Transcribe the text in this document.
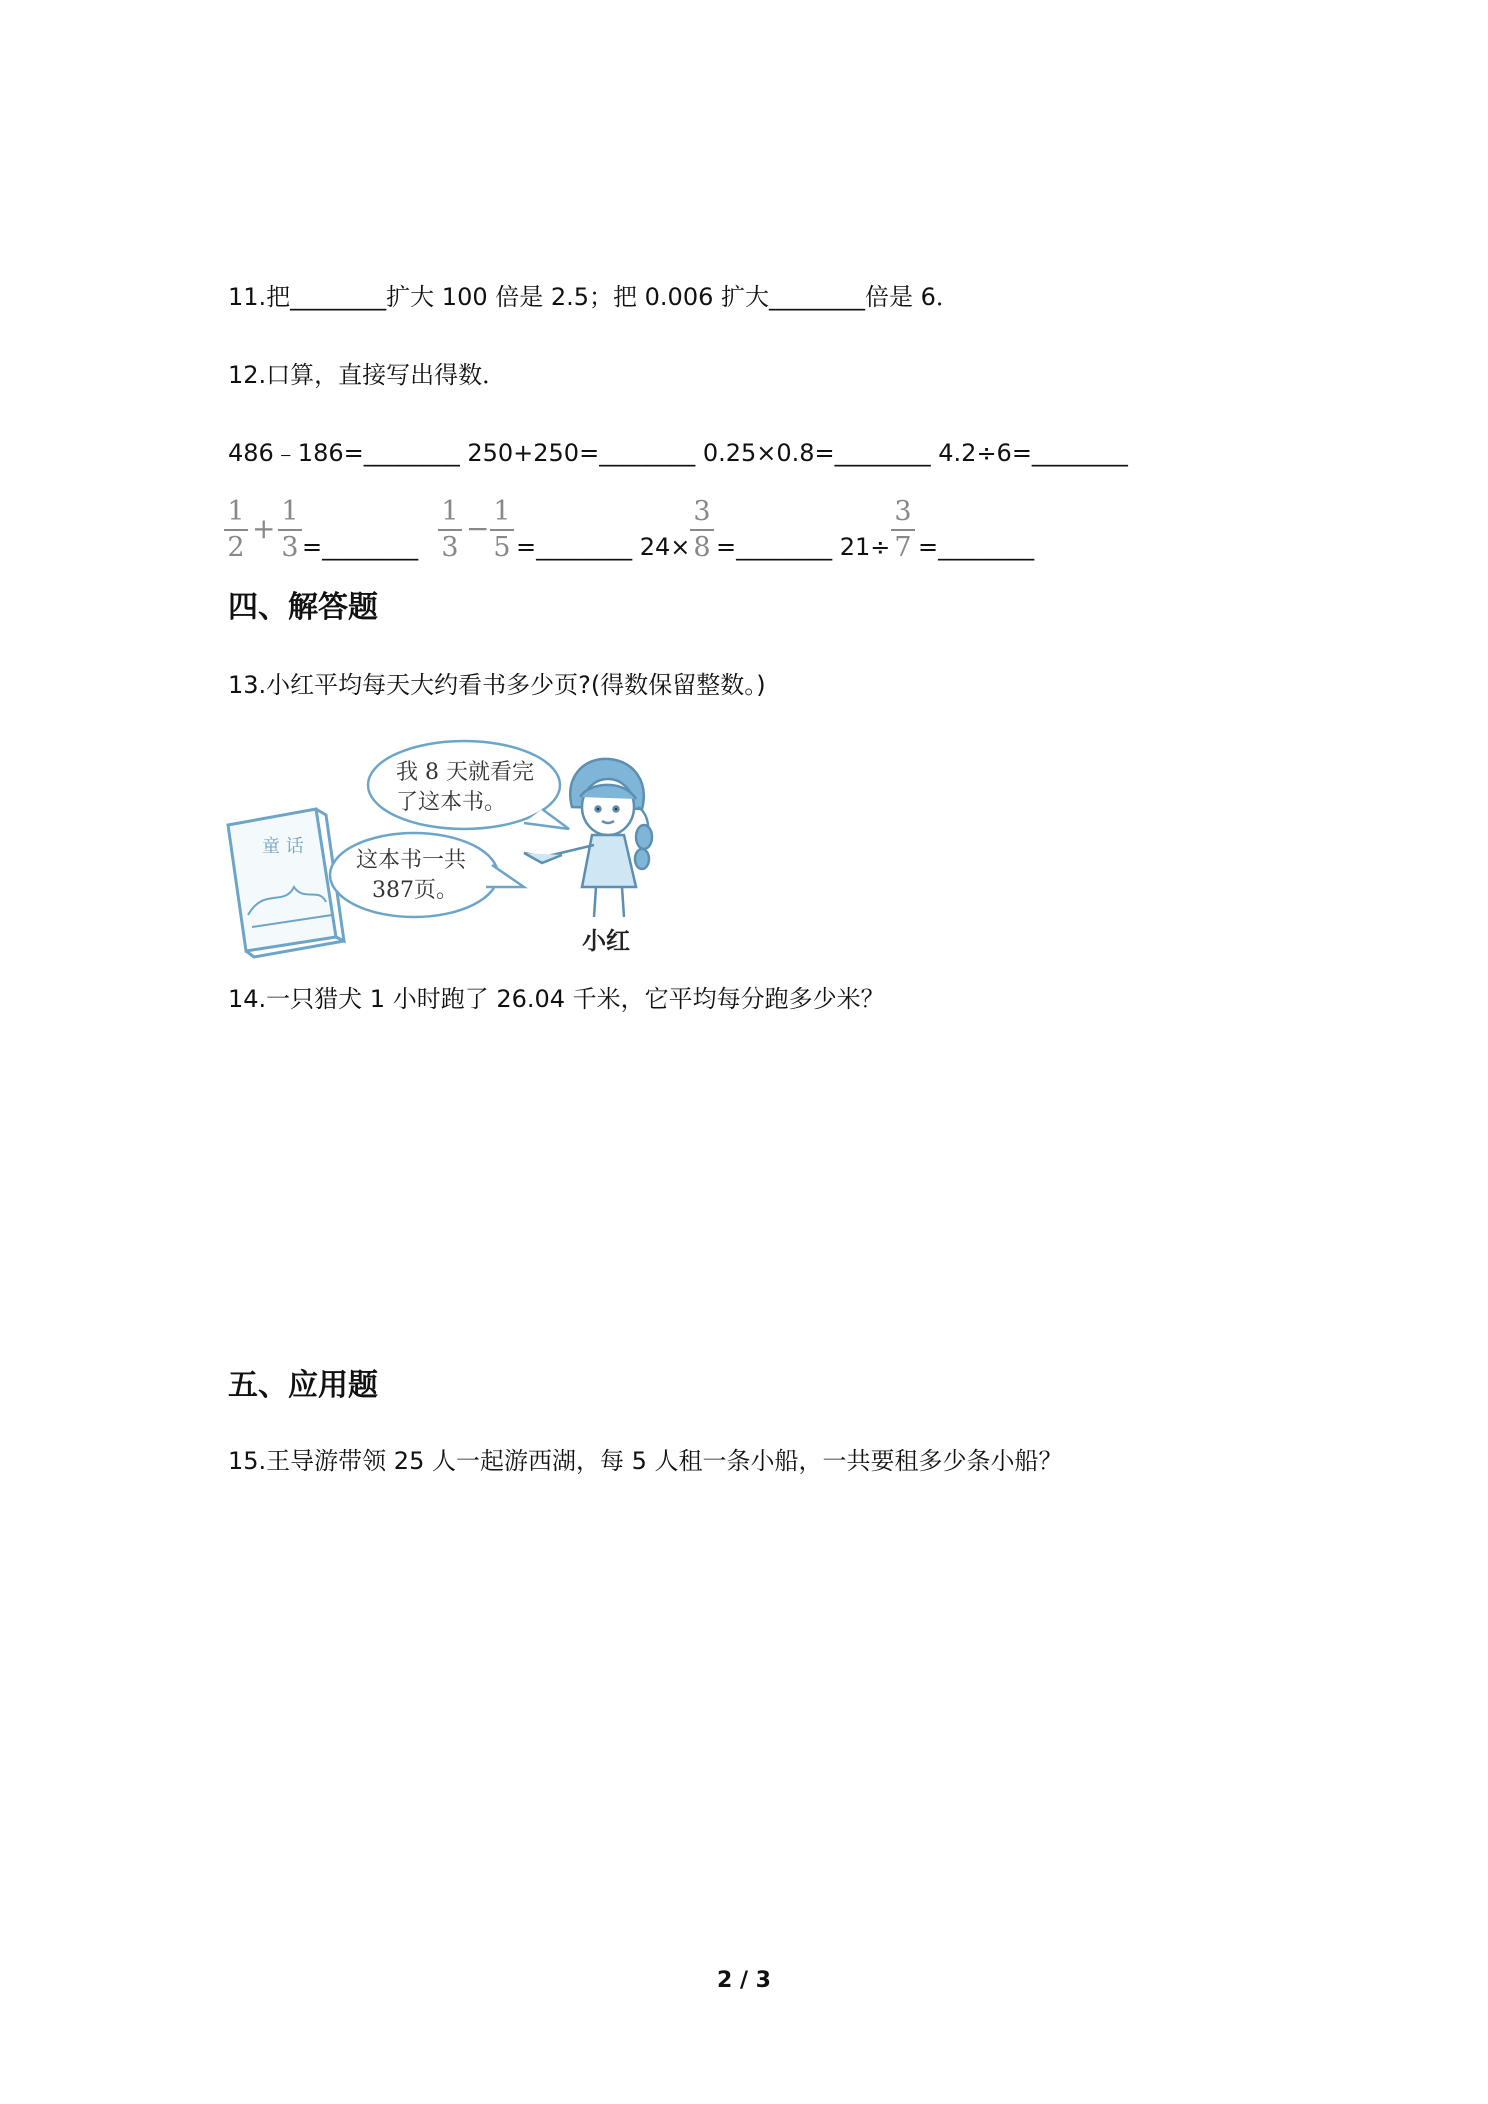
11.把________扩大 100 倍是 2.5；把 0.006 扩大________倍是 6．
12.口算，直接写出得数．
486﹣186=________ 250+250=________ 0.25×0.8=________ 4.2÷6=________
1
2
+
1
3 =________
1
3
−
1
5 =________ 24×
3
8 =________ 21÷
3
7 =________
四、解答题
13.小红平均每天大约看书多少页?(得数保留整数。)
童 话
我 8 天就看完
了这本书。
这本书一共
387页。
小红
14.一只猎犬 1 小时跑了 26.04 千米，它平均每分跑多少米？
五、应用题
15.王导游带领 25 人一起游西湖，每 5 人租一条小船，一共要租多少条小船？
2 / 3
